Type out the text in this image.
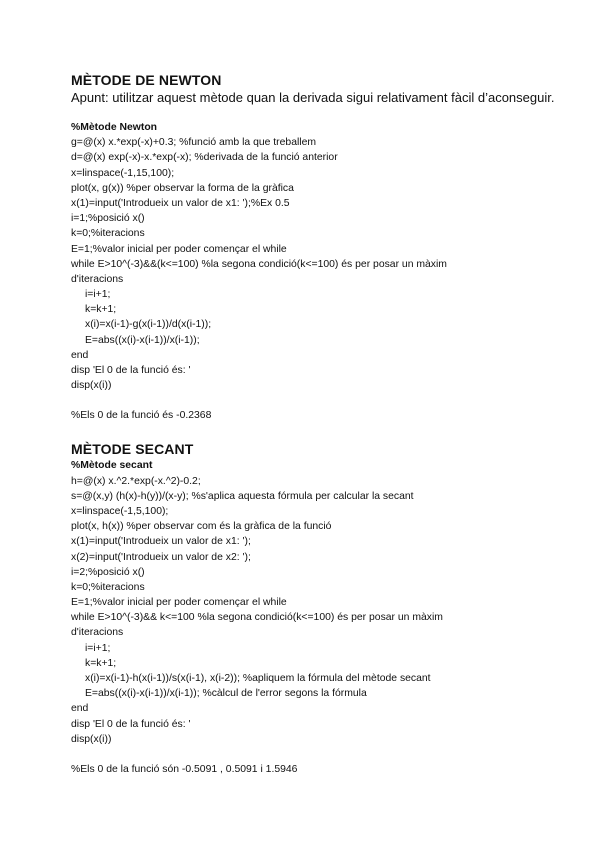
MÈTODE DE NEWTON

Apunt: utilitzar aquest mètode quan la derivada sigui relativament fàcil d’aconseguir.

%Mètode Newton

g=@(x) x.*exp(-x)+0.3; %funció amb la que treballem

d=@(x) exp(-x)-x.*exp(-x); %derivada de la funció anterior

x=linspace(-1,15,100);

plot(x, g(x)) %per observar la forma de la gràfica

x(1)=input('Introdueix un valor de x1: ');%Ex 0.5

i=1;%posició x()

k=0;%iteracions

E=1;%valor inicial per poder començar el while

while E>10^(-3)&&(k<=100) %la segona condició(k<=100) és per posar un màxim

d'iteracions

i=i+1;

k=k+1;

x(i)=x(i-1)-g(x(i-1))/d(x(i-1));

E=abs((x(i)-x(i-1))/x(i-1));

end

disp 'El 0 de la funció és: '

disp(x(i))

%Els 0 de la funció és -0.2368

MÈTODE SECANT

%Mètode secant

h=@(x) x.^2.*exp(-x.^2)-0.2;

s=@(x,y) (h(x)-h(y))/(x-y); %s'aplica aquesta fórmula per calcular la secant

x=linspace(-1,5,100);

plot(x, h(x)) %per observar com és la gràfica de la funció

x(1)=input('Introdueix un valor de x1: ');

x(2)=input('Introdueix un valor de x2: ');

i=2;%posició x()

k=0;%iteracions

E=1;%valor inicial per poder començar el while

while E>10^(-3)&& k<=100 %la segona condició(k<=100) és per posar un màxim

d'iteracions

i=i+1;

k=k+1;

x(i)=x(i-1)-h(x(i-1))/s(x(i-1), x(i-2)); %apliquem la fórmula del mètode secant

E=abs((x(i)-x(i-1))/x(i-1)); %càlcul de l'error segons la fórmula

end

disp 'El 0 de la funció és: '

disp(x(i))

%Els 0 de la funció són -0.5091 , 0.5091 i 1.5946
